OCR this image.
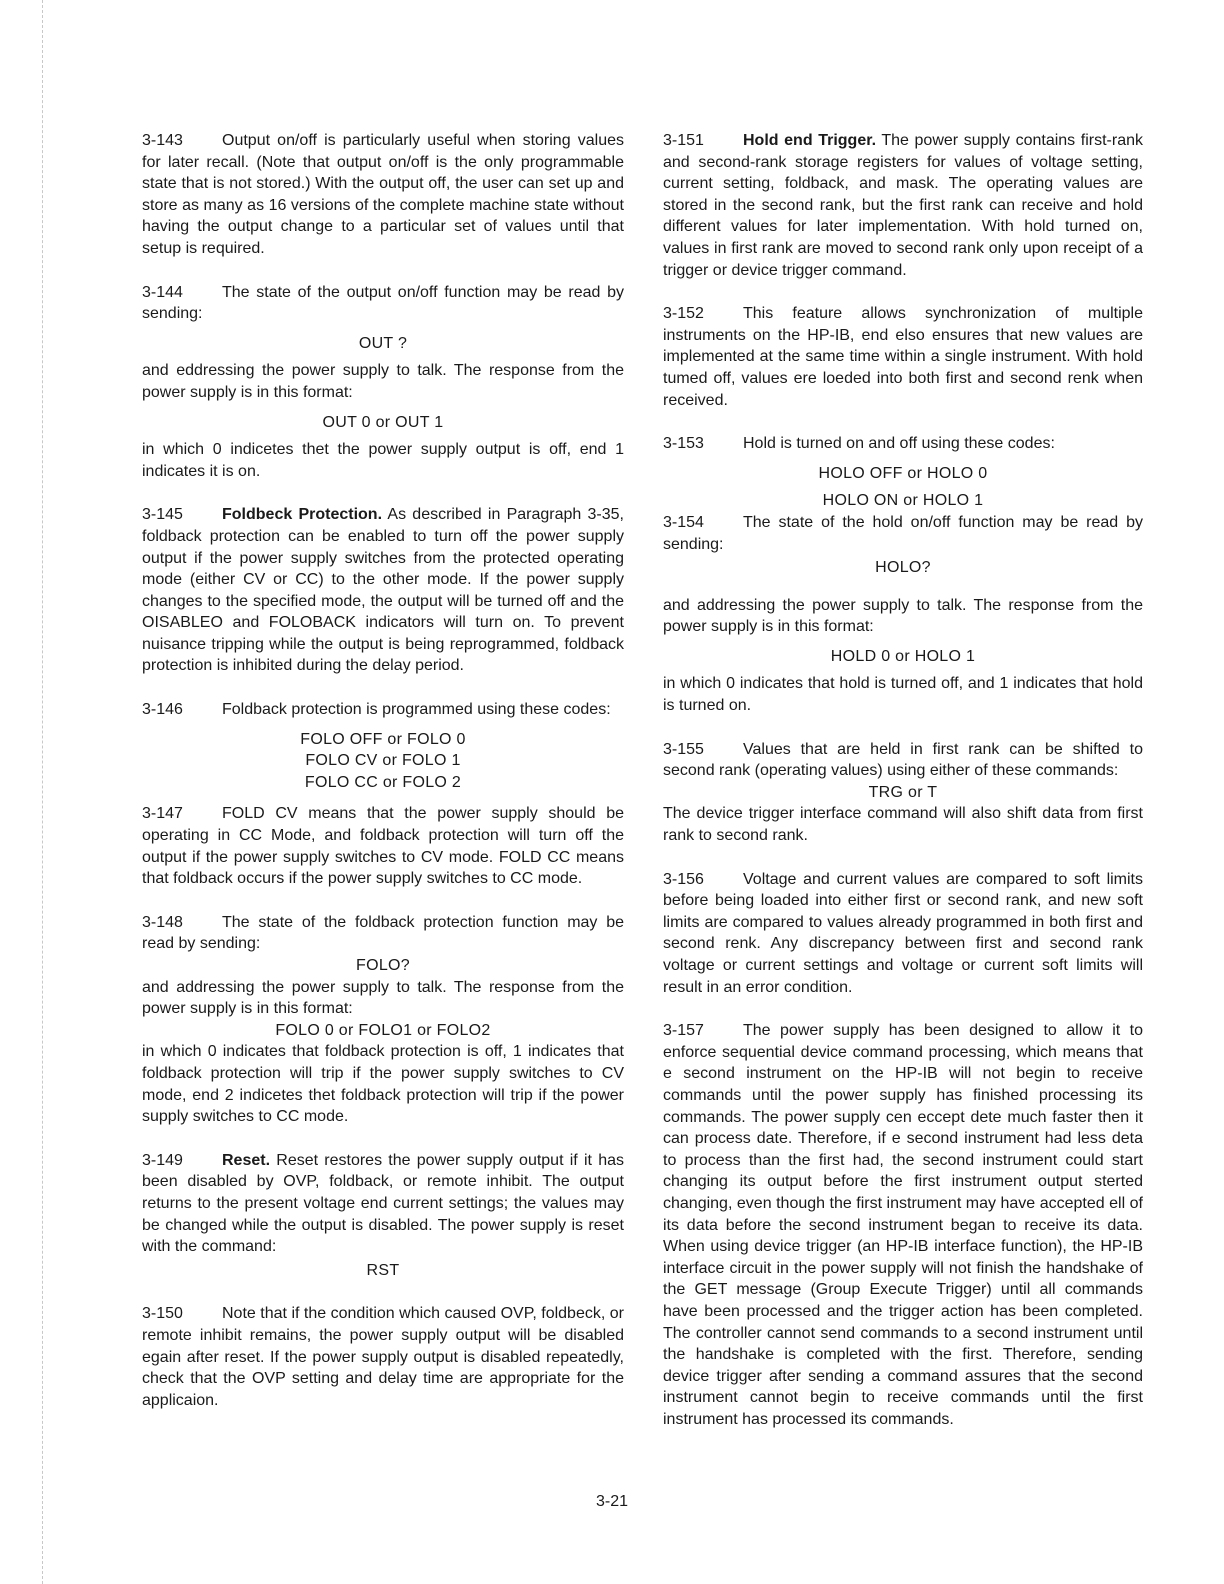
3-143 Output on/off is particularly useful when storing values for later recall. (Note that output on/off is the only programmable state that is not stored.) With the output off, the user can set up and store as many as 16 versions of the complete machine state without having the output change to a particular set of values until that setup is required.

3-144 The state of the output on/off function may be read by sending:

OUT ?

and eddressing the power supply to talk. The response from the power supply is in this format:

OUT 0 or OUT 1

in which 0 indicetes thet the power supply output is off, end 1 indicates it is on.

3-145 Foldbeck Protection. As described in Paragraph 3-35, foldback protection can be enabled to turn off the power supply output if the power supply switches from the protected operating mode (either CV or CC) to the other mode. If the power supply changes to the specified mode, the output will be turned off and the OISABLEO and FOLOBACK indicators will turn on. To prevent nuisance tripping while the output is being reprogrammed, foldback protection is inhibited during the delay period.

3-146 Foldback protection is programmed using these codes:

FOLO OFF or FOLO 0
FOLO CV or FOLO 1
FOLO CC or FOLO 2

3-147 FOLD CV means that the power supply should be operating in CC Mode, and foldback protection will turn off the output if the power supply switches to CV mode. FOLD CC means that foldback occurs if the power supply switches to CC mode.

3-148 The state of the foldback protection function may be read by sending:

FOLO?

and addressing the power supply to talk. The response from the power supply is in this format:

FOLO 0 or FOLO1 or FOLO2

in which 0 indicates that foldback protection is off, 1 indicates that foldback protection will trip if the power supply switches to CV mode, end 2 indicetes thet foldback protection will trip if the power supply switches to CC mode.

3-149 Reset. Reset restores the power supply output if it has been disabled by OVP, foldback, or remote inhibit. The output returns to the present voltage end current settings; the values may be changed while the output is disabled. The power supply is reset with the command:

RST

3-150 Note that if the condition which caused OVP, foldbeck, or remote inhibit remains, the power supply output will be disabled egain after reset. If the power supply output is disabled repeatedly, check that the OVP setting and delay time are appropriate for the applicaion.

3-151 Hold end Trigger. The power supply contains first-rank and second-rank storage registers for values of voltage setting, current setting, foldback, and mask. The operating values are stored in the second rank, but the first rank can receive and hold different values for later implementation. With hold turned on, values in first rank are moved to second rank only upon receipt of a trigger or device trigger command.

3-152 This feature allows synchronization of multiple instruments on the HP-IB, end elso ensures that new values are implemented at the same time within a single instrument. With hold tumed off, values ere loeded into both first and second renk when received.

3-153 Hold is turned on and off using these codes:

HOLO OFF or HOLO 0
HOLO ON or HOLO 1

3-154 The state of the hold on/off function may be read by sending:

HOLO?

and addressing the power supply to talk. The response from the power supply is in this format:

HOLD 0 or HOLO 1

in which 0 indicates that hold is turned off, and 1 indicates that hold is turned on.

3-155 Values that are held in first rank can be shifted to second rank (operating values) using either of these commands:

TRG or T

The device trigger interface command will also shift data from first rank to second rank.

3-156 Voltage and current values are compared to soft limits before being loaded into either first or second rank, and new soft limits are compared to values already programmed in both first and second renk. Any discrepancy between first and second rank voltage or current settings and voltage or current soft limits will result in an error condition.

3-157 The power supply has been designed to allow it to enforce sequential device command processing, which means that e second instrument on the HP-IB will not begin to receive commands until the power supply has finished processing its commands. The power supply cen eccept dete much faster then it can process date. Therefore, if e second instrument had less deta to process than the first had, the second instrument could start changing its output before the first instrument output sterted changing, even though the first instrument may have accepted ell of its data before the second instrument began to receive its data. When using device trigger (an HP-IB interface function), the HP-IB interface circuit in the power supply will not finish the handshake of the GET message (Group Execute Trigger) until all commands have been processed and the trigger action has been completed. The controller cannot send commands to a second instrument until the handshake is completed with the first. Therefore, sending device trigger after sending a command assures that the second instrument cannot begin to receive commands until the first instrument has processed its commands.

3-21
